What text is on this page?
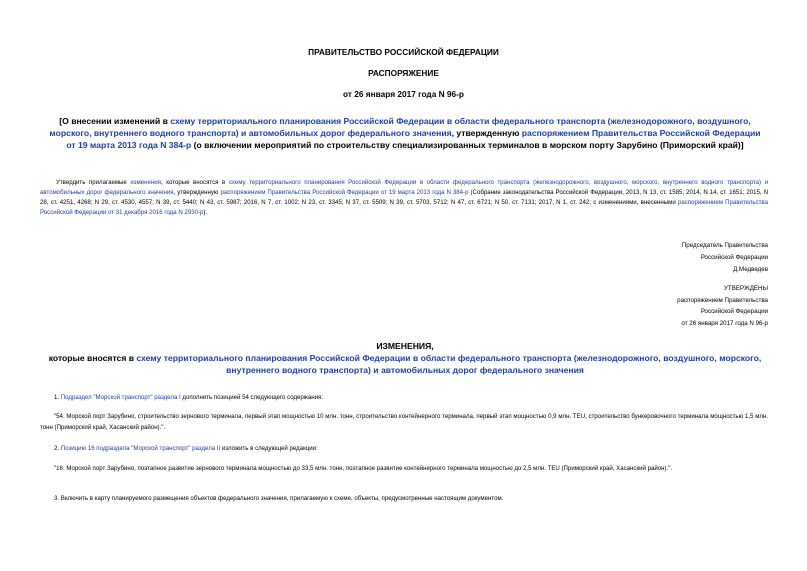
ПРАВИТЕЛЬСТВО РОССИЙСКОЙ ФЕДЕРАЦИИ
РАСПОРЯЖЕНИЕ
от 26 января 2017 года N 96-р
[О внесении изменений в схему территориального планирования Российской Федерации в области федерального транспорта (железнодорожного, воздушного, морского, внутреннего водного транспорта) и автомобильных дорог федерального значения, утвержденную распоряжением Правительства Российской Федерации от 19 марта 2013 года N 384-р (о включении мероприятий по строительству специализированных терминалов в морском порту Зарубино (Приморский край)]
Утвердить прилагаемые изменения, которые вносятся в схему территориального планирования Российской Федерации в области федерального транспорта (железнодорожного, воздушного, морского, внутреннего водного транспорта) и автомобильных дорог федерального значения, утвержденную распоряжением Правительства Российской Федерации от 19 марта 2013 года N 384-р (Собрание законодательства Российской Федерации, 2013, N 13, ст. 1585; 2014, N 14, ст. 1651; 2015, N 28, ст. 4251, 4268; N 29, ст. 4530, 4557; N 39, ст. 5440; N 43, ст. 5987; 2016, N 7, ст. 1002; N 23, ст. 3345; N 37, ст. 5509; N 39, ст. 5703, 5712; N 47, ст. 6721; N 50, ст. 7131; 2017, N 1, ст. 242; с изменениями, внесенными распоряжением Правительства Российской Федерации от 31 декабря 2016 года N 2930-р).
Председатель Правительства
Российской Федерации
Д.Медведев
УТВЕРЖДЕНЫ
распоряжением Правительства
Российской Федерации
от 26 января 2017 года N 96-р
ИЗМЕНЕНИЯ,
которые вносятся в схему территориального планирования Российской Федерации в области федерального транспорта (железнодорожного, воздушного, морского, внутреннего водного транспорта) и автомобильных дорог федерального значения
1. Подраздел "Морской транспорт" раздела I дополнить позицией 54 следующего содержания:
"54. Морской порт Зарубино, строительство зернового терминала, первый этап мощностью 10 млн. тонн, строительство контейнерного терминала, первый этап мощностью 0,9 млн. TEU, строительство бункеровочного терминала мощностью 1,5 млн. тонн (Приморский край, Хасанский район).".
2. Позицию 16 подраздела "Морской транспорт" раздела II изложить в следующей редакции:
"16. Морской порт Зарубино, поэтапное развитие зернового терминала мощностью до 33,5 млн. тонн, поэтапное развитие контейнерного терминала мощностью до 2,5 млн. TEU (Приморский край, Хасанский район).".
3. Включить в карту планируемого размещения объектов федерального значения, прилагаемую к схеме, объекты, предусмотренные настоящим документом.
